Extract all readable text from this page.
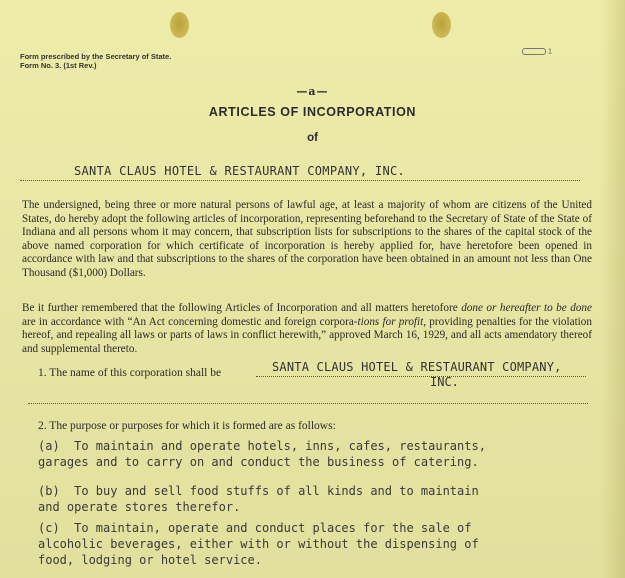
Form prescribed by the Secretary of State.
Form No. 3. (1st Rev.)
1
—a—
ARTICLES OF INCORPORATION
of
SANTA CLAUS HOTEL & RESTAURANT COMPANY, INC.
The undersigned, being three or more natural persons of lawful age, at least a majority of whom are citizens of the United States, do hereby adopt the following articles of incorporation, representing beforehand to the Secretary of State of the State of Indiana and all persons whom it may concern, that subscription lists for subscriptions to the shares of the capital stock of the above named corporation for which certificate of incorporation is hereby applied for, have heretofore been opened in accordance with law and that subscriptions to the shares of the corporation have been obtained in an amount not less than One Thousand ($1,000) Dollars.
Be it further remembered that the following Articles of Incorporation and all matters heretofore done or hereafter to be done are in accordance with “An Act concerning domestic and foreign corpora-tions for profit, providing penalties for the violation hereof, and repealing all laws or parts of laws in conflict herewith,” approved March 16, 1929, and all acts amendatory thereof and supplemental thereto.
1. The name of this corporation shall be	SANTA CLAUS HOTEL & RESTAURANT COMPANY,
INC.
2. The purpose or purposes for which it is formed are as follows:
(a)  To maintain and operate hotels, inns, cafes, restaurants,
garages and to carry on and conduct the business of catering.
(b)  To buy and sell food stuffs of all kinds and to maintain
and operate stores therefor.
(c)  To maintain, operate and conduct places for the sale of
alcoholic beverages, either with or without the dispensing of
food, lodging or hotel service.
